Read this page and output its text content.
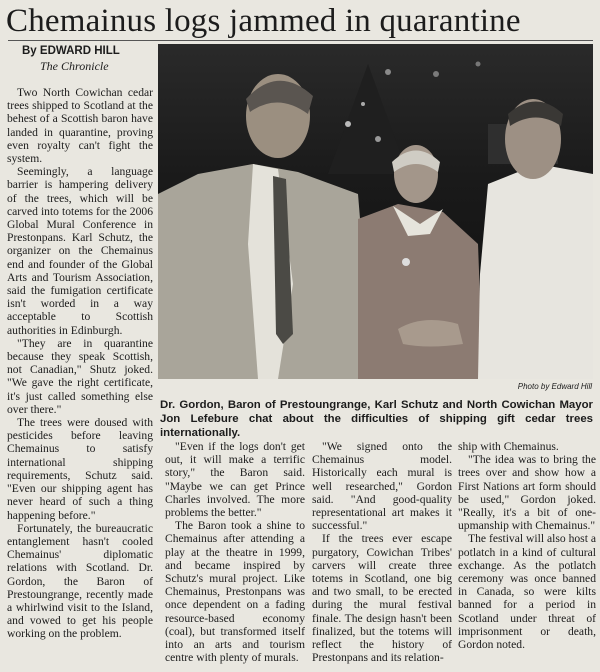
Chemainus logs jammed in quarantine
By EDWARD HILL
The Chronicle

Two North Cowichan cedar trees shipped to Scotland at the behest of a Scottish baron have landed in quarantine, proving even royalty can't fight the system.

Seemingly, a language barrier is hampering delivery of the trees, which will be carved into totems for the 2006 Global Mural Conference in Prestonpans. Karl Schutz, the organizer on the Chemainus end and founder of the Global Arts and Tourism Association, said the fumigation certificate isn't worded in a way acceptable to Scottish authorities in Edinburgh.

"They are in quarantine because they speak Scottish, not Canadian," Shutz joked. "We gave the right certificate, it's just called something else over there."

The trees were doused with pesticides before leaving Chemainus to satisfy international shipping requirements, Schutz said. "Even our shipping agent has never heard of such a thing happening before."

Fortunately, the bureaucratic entanglement hasn't cooled Chemainus' diplomatic relations with Scotland. Dr. Gordon, the Baron of Prestoungrange, recently made a whirlwind visit to the Island, and vowed to get his people working on the problem.

Photo by Edward Hill
Dr. Gordon, Baron of Prestoungrange, Karl Schutz and North Cowichan Mayor Jon Lefebure chat about the difficulties of shipping gift cedar trees internationally.

"Even if the logs don't get out, it will make a terrific story," the Baron said. "Maybe we can get Prince Charles involved. The more problems the better."

The Baron took a shine to Chemainus after attending a play at the theatre in 1999, and became inspired by Schutz's mural project. Like Chemainus, Prestonpans was once dependent on a fading resource-based economy (coal), but transformed itself into an arts and tourism centre with plenty of murals.

"We signed onto the Chemainus model. Historically each mural is well researched," Gordon said. "And good-quality representational art makes it successful."

If the trees ever escape purgatory, Cowichan Tribes' carvers will create three totems in Scotland, one big and two small, to be erected during the mural festival finale. The design hasn't been finalized, but the totems will reflect the history of Prestonpans and its relation-

ship with Chemainus.

"The idea was to bring the trees over and show how a First Nations art form should be used," Gordon joked. "Really, it's a bit of one-upmanship with Chemainus."

The festival will also host a potlatch in a kind of cultural exchange. As the potlatch ceremony was once banned in Canada, so were kilts banned for a period in Scotland under threat of imprisonment or death, Gordon noted.
